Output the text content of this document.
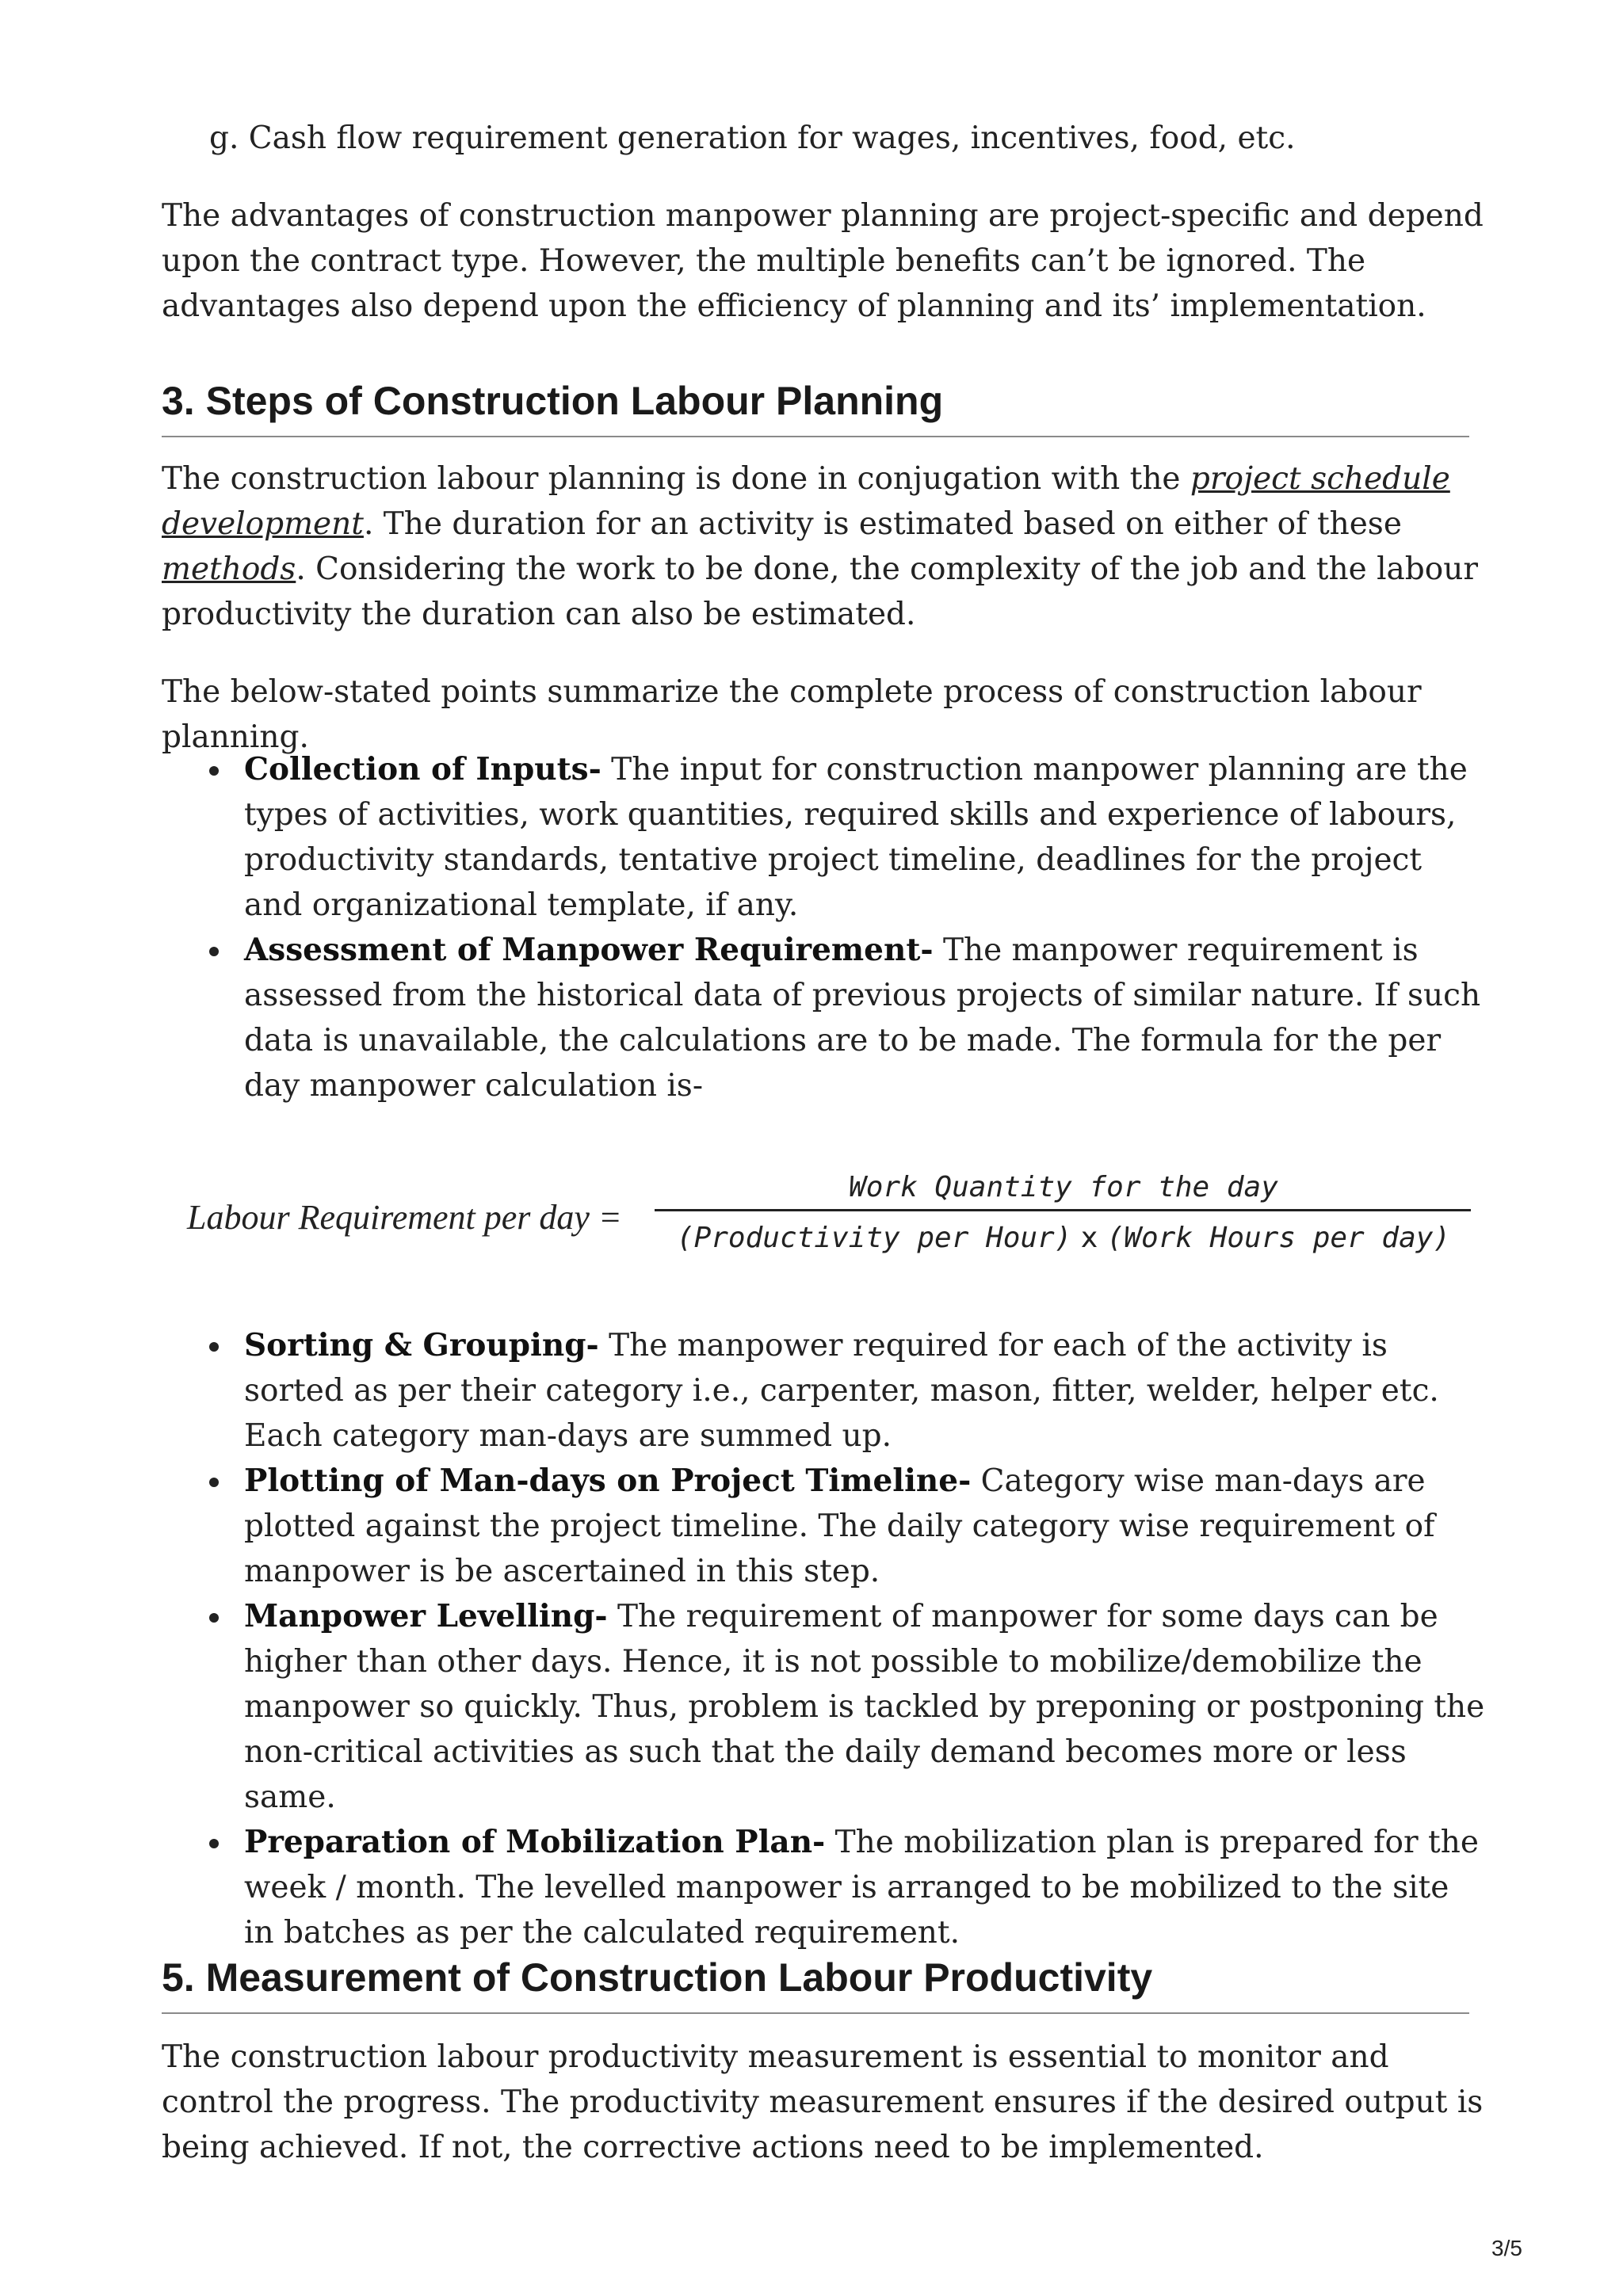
g. Cash flow requirement generation for wages, incentives, food, etc.

The advantages of construction manpower planning are project-specific and depend upon the contract type. However, the multiple benefits can’t be ignored. The advantages also depend upon the efficiency of planning and its’ implementation.

3. Steps of Construction Labour Planning

The construction labour planning is done in conjugation with the project schedule development. The duration for an activity is estimated based on either of these methods. Considering the work to be done, the complexity of the job and the labour productivity the duration can also be estimated.

The below-stated points summarize the complete process of construction labour planning.

Collection of Inputs- The input for construction manpower planning are the types of activities, work quantities, required skills and experience of labours, productivity standards, tentative project timeline, deadlines for the project and organizational template, if any.
Assessment of Manpower Requirement- The manpower requirement is assessed from the historical data of previous projects of similar nature. If such data is unavailable, the calculations are to be made. The formula for the per day manpower calculation is-
Labour Requirement per day =
Work Quantity for the day
(Productivity per Hour) x (Work Hours per day)
Sorting & Grouping- The manpower required for each of the activity is sorted as per their category i.e., carpenter, mason, fitter, welder, helper etc. Each category man-days are summed up.
Plotting of Man-days on Project Timeline- Category wise man-days are plotted against the project timeline. The daily category wise requirement of manpower is be ascertained in this step.
Manpower Levelling- The requirement of manpower for some days can be higher than other days. Hence, it is not possible to mobilize/demobilize the manpower so quickly. Thus, problem is tackled by preponing or postponing the non-critical activities as such that the daily demand becomes more or less same.
Preparation of Mobilization Plan- The mobilization plan is prepared for the week / month. The levelled manpower is arranged to be mobilized to the site in batches as per the calculated requirement.
5. Measurement of Construction Labour Productivity

The construction labour productivity measurement is essential to monitor and control the progress. The productivity measurement ensures if the desired output is being achieved. If not, the corrective actions need to be implemented.

3/5
